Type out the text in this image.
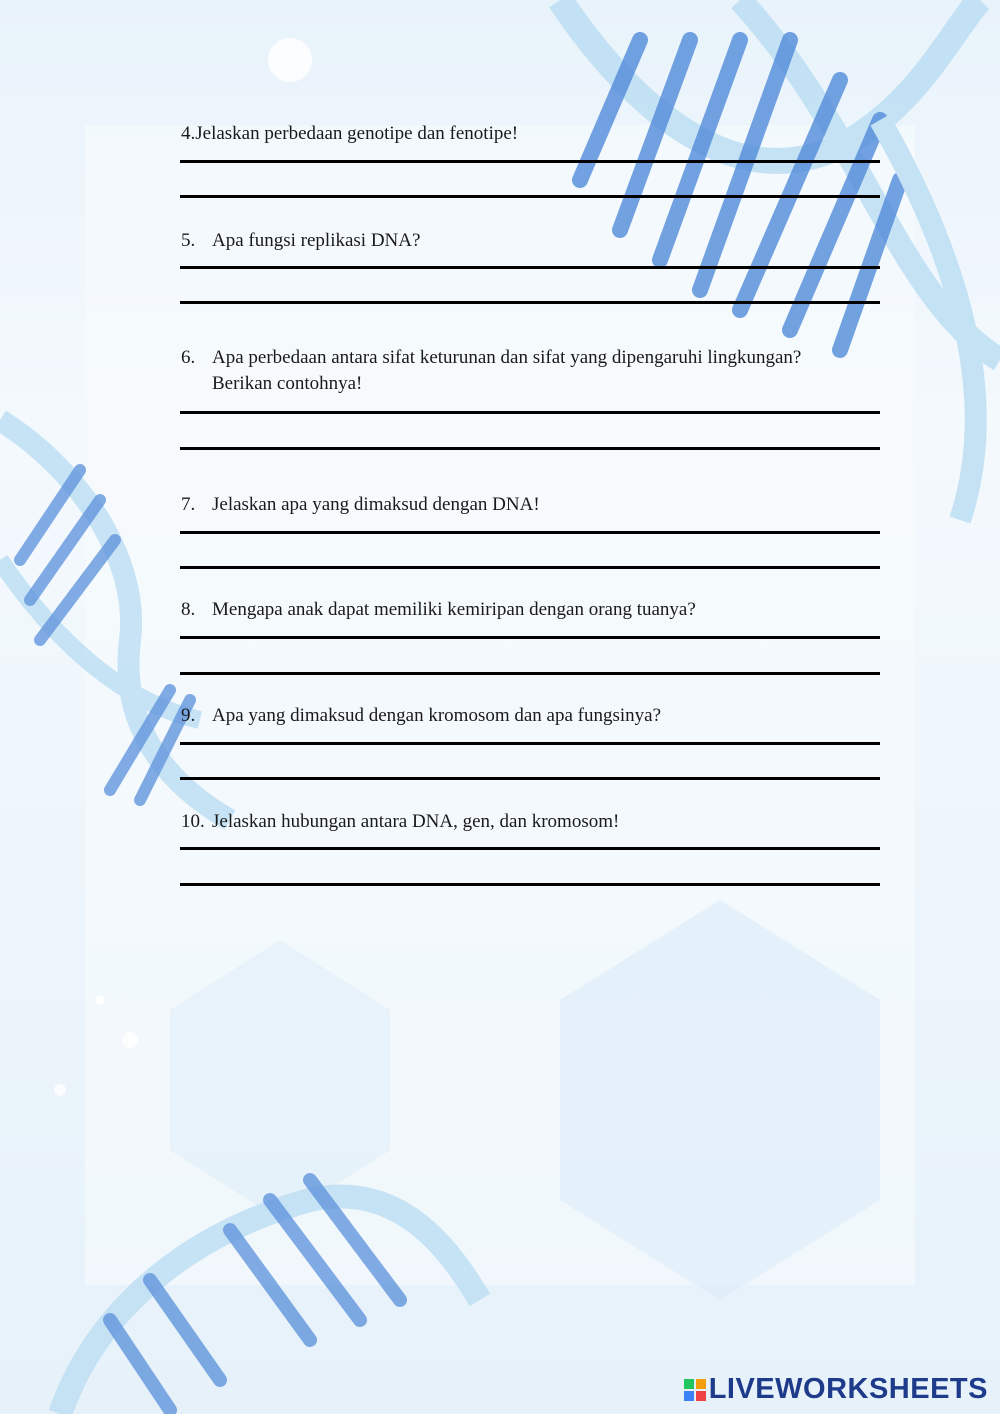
4.Jelaskan perbedaan genotipe dan fenotipe!
5. Apa fungsi replikasi DNA?
6. Apa perbedaan antara sifat keturunan dan sifat yang dipengaruhi lingkungan?
Berikan contohnya!
7. Jelaskan apa yang dimaksud dengan DNA!
8. Mengapa anak dapat memiliki kemiripan dengan orang tuanya?
9. Apa yang dimaksud dengan kromosom dan apa fungsinya?
10. Jelaskan hubungan antara DNA, gen, dan kromosom!
LIVEWORKSHEETS
